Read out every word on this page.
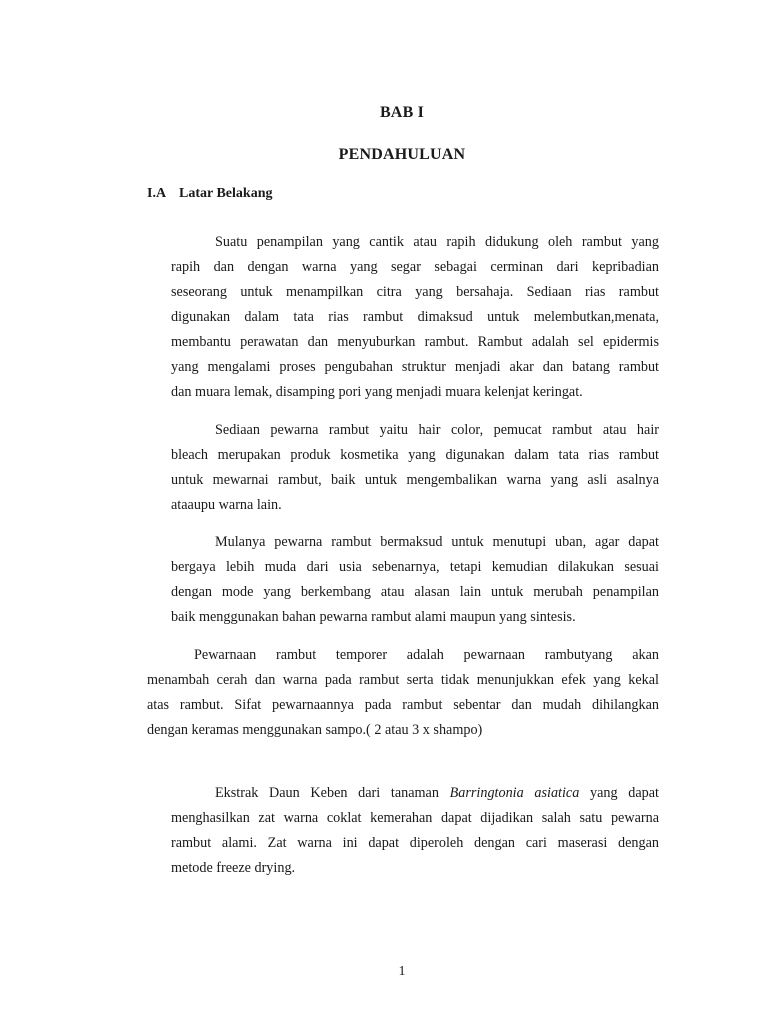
BAB I
PENDAHULUAN
I.A Latar Belakang
Suatu penampilan yang cantik atau rapih didukung oleh rambut yang
rapih dan dengan warna yang segar sebagai cerminan dari kepribadian
seseorang untuk menampilkan citra yang bersahaja. Sediaan rias rambut
digunakan dalam tata rias rambut dimaksud untuk melembutkan,menata,
membantu perawatan dan menyuburkan rambut. Rambut adalah sel epidermis
yang mengalami proses pengubahan struktur menjadi akar dan batang rambut
dan muara lemak, disamping pori yang menjadi muara kelenjat keringat.
Sediaan pewarna rambut yaitu hair color, pemucat rambut atau hair
bleach merupakan produk kosmetika yang digunakan dalam tata rias rambut
untuk mewarnai rambut, baik untuk mengembalikan warna yang asli asalnya
ataaupu warna lain.
Mulanya pewarna rambut bermaksud untuk menutupi uban, agar dapat
bergaya lebih muda dari usia sebenarnya, tetapi kemudian dilakukan sesuai
dengan mode yang berkembang atau alasan lain untuk merubah penampilan
baik menggunakan bahan pewarna rambut alami maupun yang sintesis.
Pewarnaan rambut temporer adalah pewarnaan rambutyang akan
menambah cerah dan warna pada rambut serta tidak menunjukkan efek yang kekal
atas rambut. Sifat pewarnaannya pada rambut sebentar dan mudah dihilangkan
dengan keramas menggunakan sampo.( 2 atau 3 x shampo)
Ekstrak Daun Keben dari tanaman Barringtonia asiatica yang dapat
menghasilkan zat warna coklat kemerahan dapat dijadikan salah satu pewarna
rambut alami. Zat warna ini dapat diperoleh dengan cari maserasi dengan
metode freeze drying.
1
